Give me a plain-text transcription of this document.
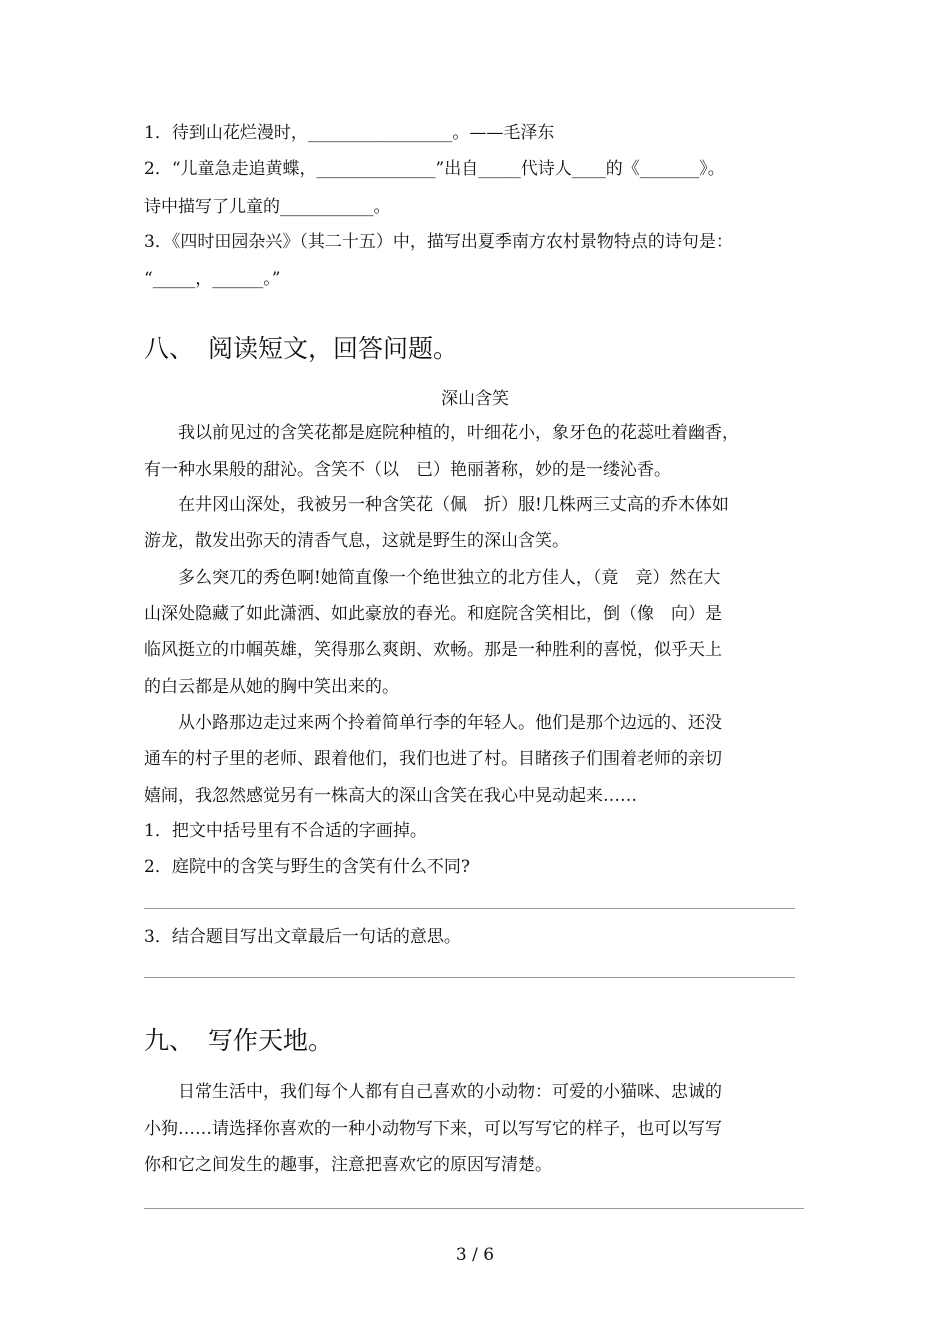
1．待到山花烂漫时，_________________。——毛泽东
2．“儿童急走追黄蝶，______________”出自_____代诗人____的《_______》。
诗中描写了儿童的___________。
3．《四时田园杂兴》（其二十五）中，描写出夏季南方农村景物特点的诗句是：
“_____，______。”
八、 阅读短文，回答问题。
深山含笑
我以前见过的含笑花都是庭院种植的，叶细花小，象牙色的花蕊吐着幽香，
有一种水果般的甜沁。含笑不（以　已）艳丽著称，妙的是一缕沁香。
在井冈山深处，我被另一种含笑花（佩　折）服!几株两三丈高的乔木体如
游龙，散发出弥天的清香气息，这就是野生的深山含笑。
多么突兀的秀色啊!她简直像一个绝世独立的北方佳人，（竟　竞）然在大
山深处隐藏了如此潇洒、如此豪放的春光。和庭院含笑相比，倒（像　向）是
临风挺立的巾帼英雄，笑得那么爽朗、欢畅。那是一种胜利的喜悦，似乎天上
的白云都是从她的胸中笑出来的。
从小路那边走过来两个拎着简单行李的年轻人。他们是那个边远的、还没
通车的村子里的老师、跟着他们，我们也进了村。目睹孩子们围着老师的亲切
嬉闹，我忽然感觉另有一株高大的深山含笑在我心中晃动起来……
1．把文中括号里有不合适的字画掉。
2．庭院中的含笑与野生的含笑有什么不同?
3．结合题目写出文章最后一句话的意思。
九、 写作天地。
日常生活中，我们每个人都有自己喜欢的小动物：可爱的小猫咪、忠诚的
小狗……请选择你喜欢的一种小动物写下来，可以写写它的样子，也可以写写
你和它之间发生的趣事，注意把喜欢它的原因写清楚。
3 / 6
